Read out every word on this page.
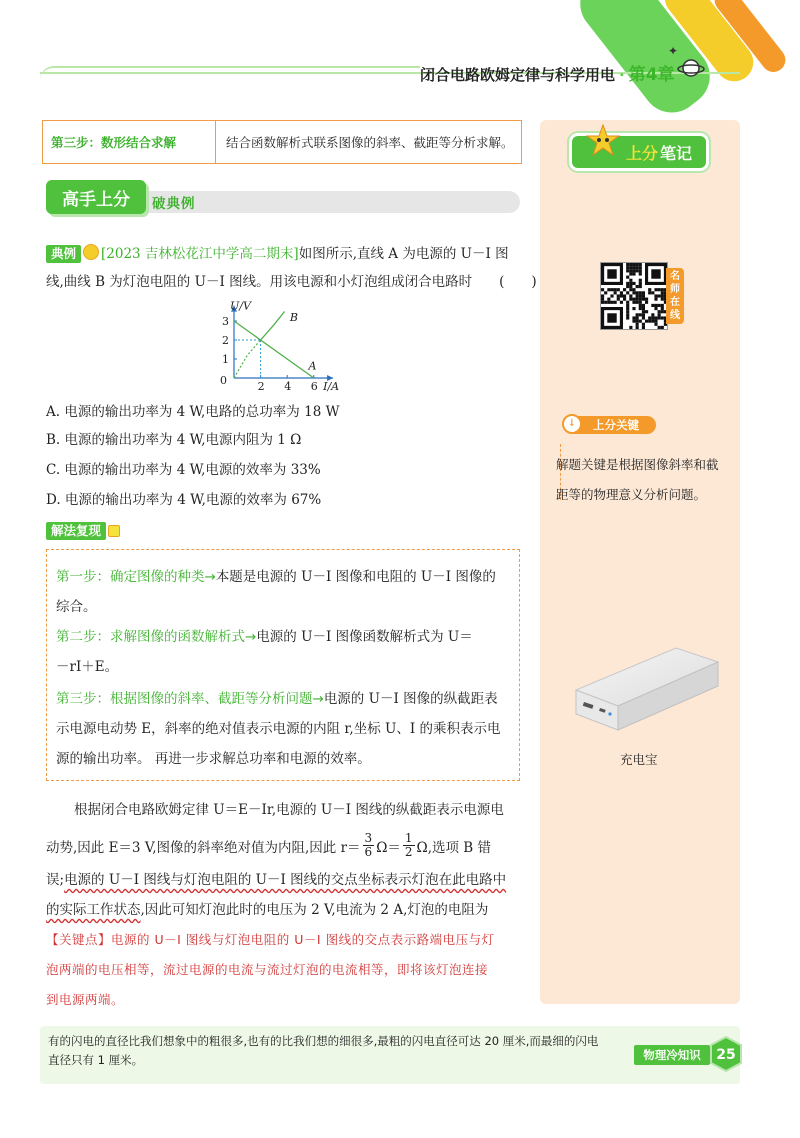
闭合电路欧姆定律与科学用电 · 第4章
✦
第三步：数形结合求解	结合函数解析式联系图像的斜率、截距等分析求解。
高手上分	破典例
典例 [2023 吉林松花江中学高二期末]如图所示,直线 A 为电源的 U－I 图
线,曲线 B 为灯泡电阻的 U－I 图线。用该电源和小灯泡组成闭合电路时　　(　　)
U/V
I/A
0	2 4 6
1
2
3
A
B
A. 电源的输出功率为 4 W,电路的总功率为 18 W
B. 电源的输出功率为 4 W,电源内阻为 1 Ω
C. 电源的输出功率为 4 W,电源的效率为 33%
D. 电源的输出功率为 4 W,电源的效率为 67%
解法复现
第一步：确定图像的种类→本题是电源的 U－I 图像和电阻的 U－I 图像的
综合。
第二步：求解图像的函数解析式→电源的 U－I 图像函数解析式为 U＝
－rI＋E。
第三步：根据图像的斜率、截距等分析问题→电源的 U－I 图像的纵截距表
示电源电动势 E，斜率的绝对值表示电源的内阻 r,坐标 U、I 的乘积表示电
源的输出功率。 再进一步求解总功率和电源的效率。
根据闭合电路欧姆定律 U＝E－Ir,电源的 U－I 图线的纵截距表示电源电
动势,因此 E＝3 V,图像的斜率绝对值为内阻,因此 $r= \frac{3}{6} \Omega= \frac{1}{2} \Omega$,选项 B 错
误;电源的 U－I 图线与灯泡电阻的 U－I 图线的交点坐标表示灯泡在此电路中
的实际工作状态,因此可知灯泡此时的电压为 2 V,电流为 2 A,灯泡的电阻为
【关键点】电源的 U－I 图线与灯泡电阻的 U－I 图线的交点表示路端电压与灯
泡两端的电压相等，流过电源的电流与流过灯泡的电流相等，即将该灯泡连接
到电源两端。
上分 笔记
名
师
在
线
上分关键
↓
解题关键是根据图像斜率和截距等的物理意义分析问题。
充电宝
有的闪电的直径比我们想象中的粗很多,也有的比我们想的细很多,最粗的闪电直径可达 20 厘米,而最细的闪电直径只有 1 厘米。	物理冷知识	25
